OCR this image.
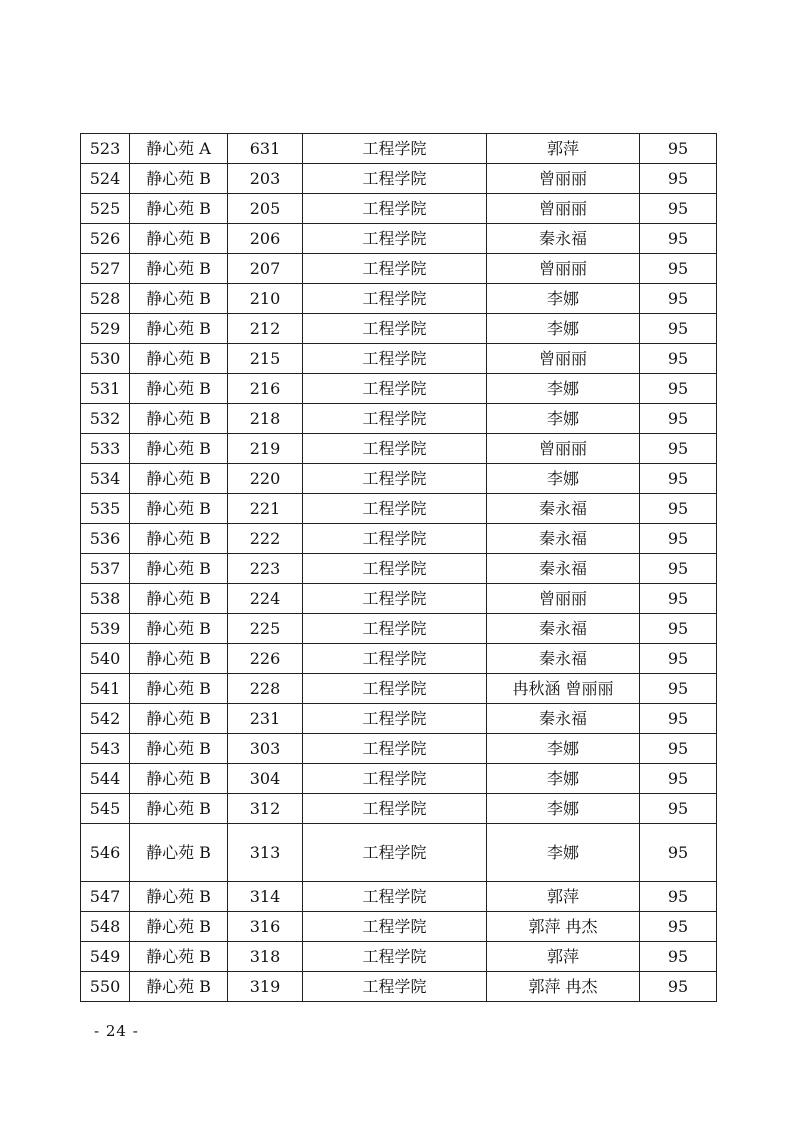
523	静心苑 A	631	工程学院	郭萍	95
524	静心苑 B	203	工程学院	曾丽丽	95
525	静心苑 B	205	工程学院	曾丽丽	95
526	静心苑 B	206	工程学院	秦永福	95
527	静心苑 B	207	工程学院	曾丽丽	95
528	静心苑 B	210	工程学院	李娜	95
529	静心苑 B	212	工程学院	李娜	95
530	静心苑 B	215	工程学院	曾丽丽	95
531	静心苑 B	216	工程学院	李娜	95
532	静心苑 B	218	工程学院	李娜	95
533	静心苑 B	219	工程学院	曾丽丽	95
534	静心苑 B	220	工程学院	李娜	95
535	静心苑 B	221	工程学院	秦永福	95
536	静心苑 B	222	工程学院	秦永福	95
537	静心苑 B	223	工程学院	秦永福	95
538	静心苑 B	224	工程学院	曾丽丽	95
539	静心苑 B	225	工程学院	秦永福	95
540	静心苑 B	226	工程学院	秦永福	95
541	静心苑 B	228	工程学院	冉秋涵 曾丽丽	95
542	静心苑 B	231	工程学院	秦永福	95
543	静心苑 B	303	工程学院	李娜	95
544	静心苑 B	304	工程学院	李娜	95
545	静心苑 B	312	工程学院	李娜	95
546	静心苑 B	313	工程学院	李娜	95
547	静心苑 B	314	工程学院	郭萍	95
548	静心苑 B	316	工程学院	郭萍 冉杰	95
549	静心苑 B	318	工程学院	郭萍	95
550	静心苑 B	319	工程学院	郭萍 冉杰	95
- 24 -
